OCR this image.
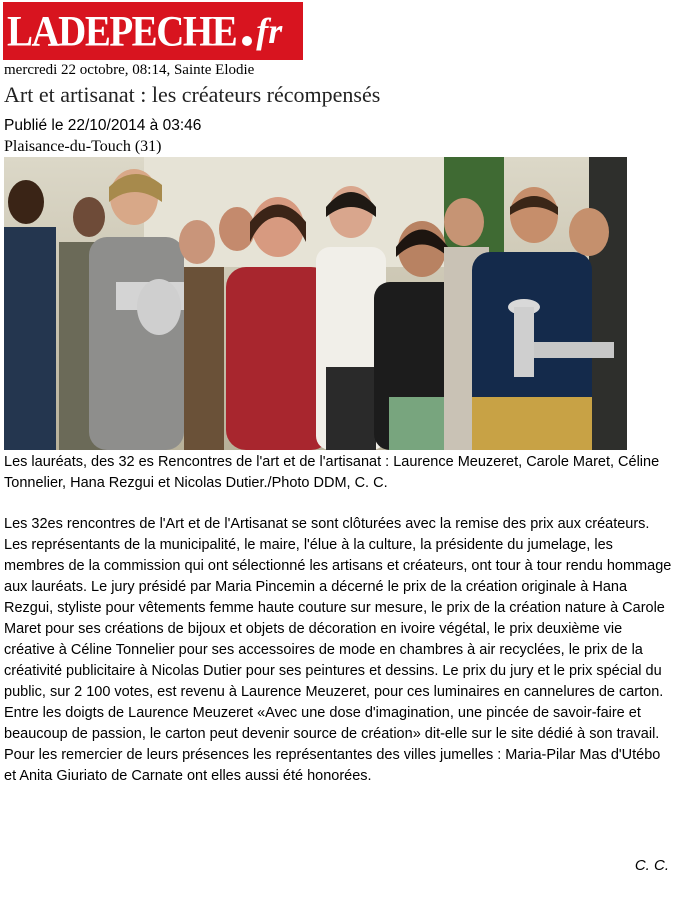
LADEPECHE fr
mercredi 22 octobre, 08:14, Sainte Elodie
Art et artisanat : les créateurs récompensés
Publié le 22/10/2014 à 03:46
Plaisance-du-Touch (31)
Les lauréats, des 32 es Rencontres de l'art et de l'artisanat : Laurence Meuzeret, Carole Maret, Céline Tonnelier, Hana Rezgui et Nicolas Dutier./Photo DDM, C. C.
Les 32es rencontres de l'Art et de l'Artisanat se sont clôturées avec la remise des prix aux créateurs. Les représentants de la municipalité, le maire, l'élue à la culture, la présidente du jumelage, les membres de la commission qui ont sélectionné les artisans et créateurs, ont tour à tour rendu hommage aux lauréats. Le jury présidé par Maria Pincemin a décerné le prix de la création originale à Hana Rezgui, styliste pour vêtements femme haute couture sur mesure, le prix de la création nature à Carole Maret pour ses créations de bijoux et objets de décoration en ivoire végétal, le prix deuxième vie créative à Céline Tonnelier pour ses accessoires de mode en chambres à air recyclées, le prix de la créativité publicitaire à Nicolas Dutier pour ses peintures et dessins. Le prix du jury et le prix spécial du public, sur 2 100 votes, est revenu à Laurence Meuzeret, pour ces luminaires en cannelures de carton. Entre les doigts de Laurence Meuzeret «Avec une dose d'imagination, une pincée de savoir-faire et beaucoup de passion, le carton peut devenir source de création» dit-elle sur le site dédié à son travail. Pour les remercier de leurs présences les représentantes des villes jumelles : Maria-Pilar Mas d'Utébo et Anita Giuriato de Carnate ont elles aussi été honorées.
C. C.
